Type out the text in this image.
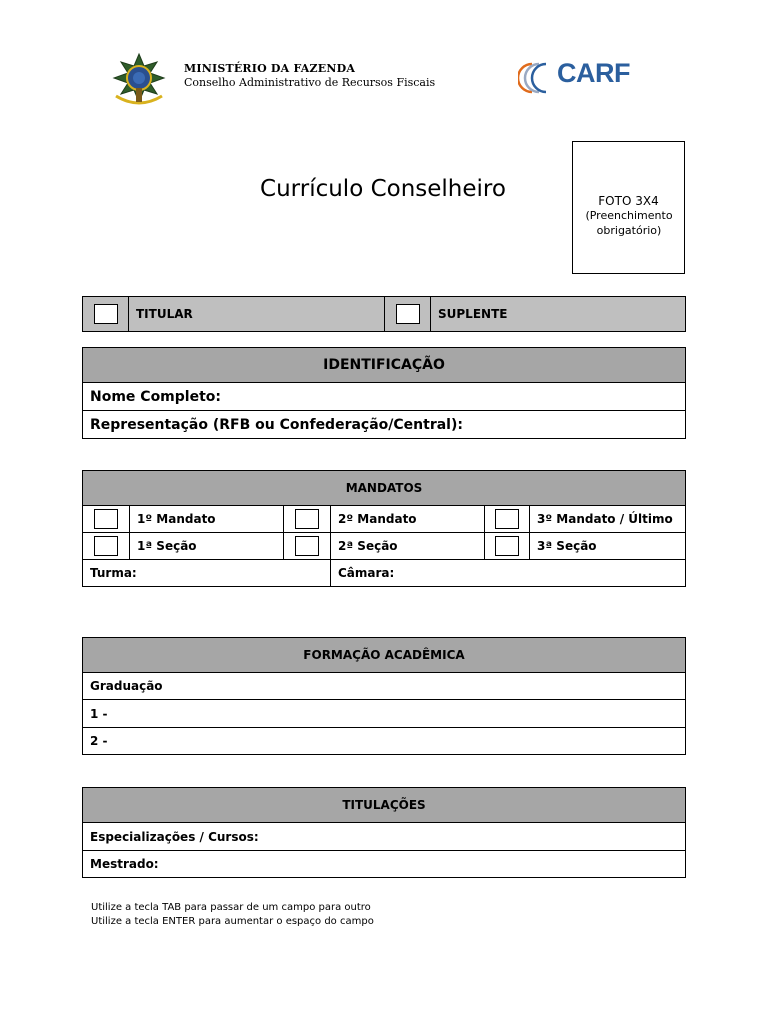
MINISTÉRIO DA FAZENDA
Conselho Administrativo de Recursos Fiscais	CARF
Currículo Conselheiro	FOTO 3X4
(Preenchimento obrigatório)
	TITULAR		SUPLENTE
IDENTIFICAÇÃO
Nome Completo:
Representação (RFB ou Confederação/Central):
MANDATOS					
	1º Mandato		2º Mandato		3º Mandato / Último
	1ª Seção		2ª Seção		3ª Seção
Turma:			Câmara:		
FORMAÇÃO ACADÊMICA
Graduação
1 -
2 -
TITULAÇÕES
Especializações / Cursos:
Mestrado:
Utilize a tecla TAB para passar de um campo para outro
Utilize a tecla ENTER para aumentar o espaço do campo
